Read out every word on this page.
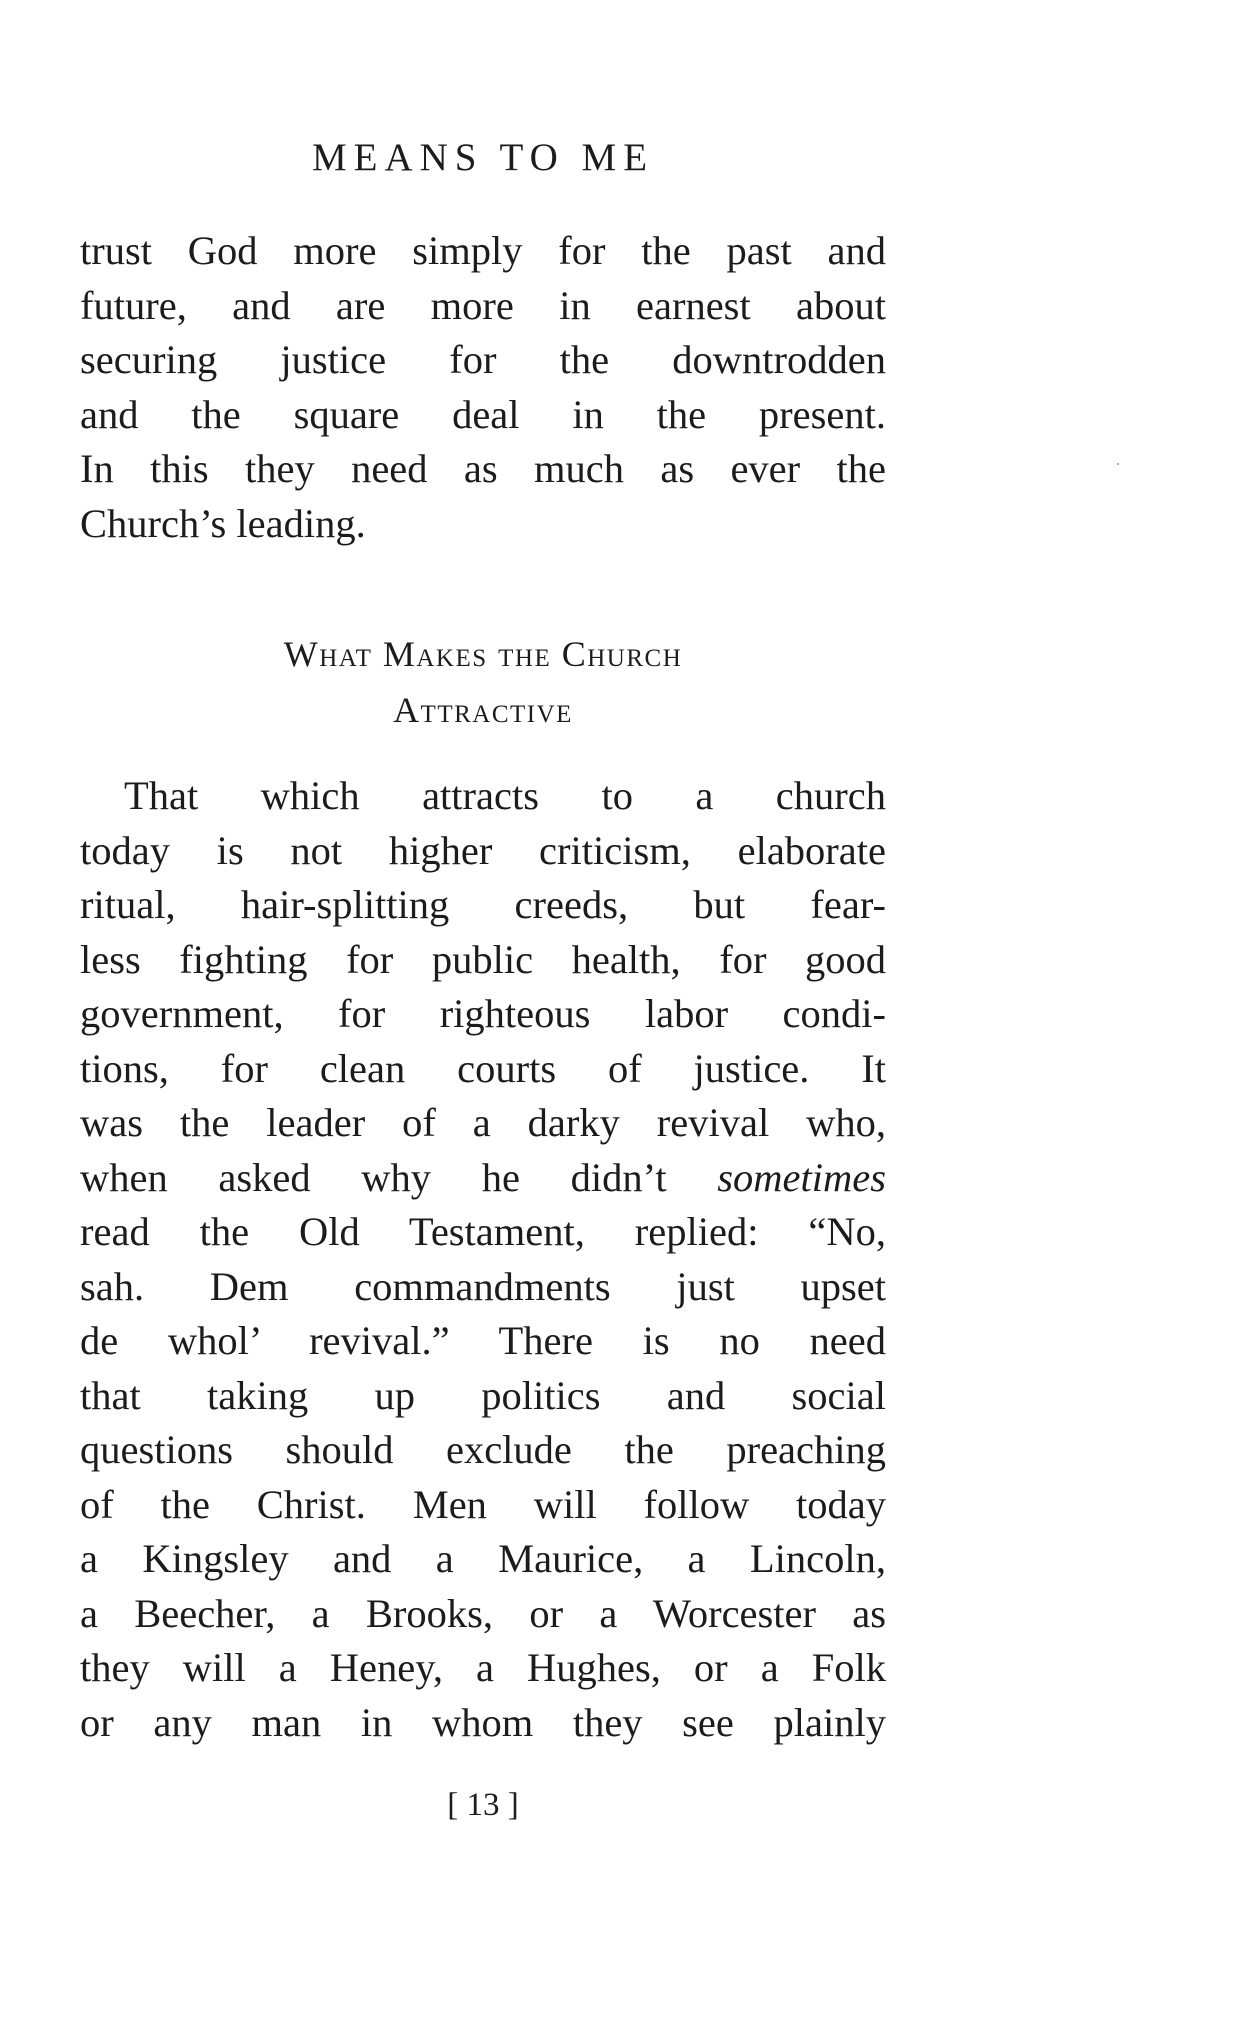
MEANS TO ME

trust God more simply for the past and
future, and are more in earnest about
securing justice for the downtrodden
and the square deal in the present.
In this they need as much as ever the
Church’s leading.

What Makes the Church
Attractive

That which attracts to a church
today is not higher criticism, elaborate
ritual, hair-splitting creeds, but fear-
less fighting for public health, for good
government, for righteous labor condi-
tions, for clean courts of justice. It
was the leader of a darky revival who,
when asked why he didn’t sometimes
read the Old Testament, replied: “No,
sah. Dem commandments just upset
de whol’ revival.” There is no need
that taking up politics and social
questions should exclude the preaching
of the Christ. Men will follow today
a Kingsley and a Maurice, a Lincoln,
a Beecher, a Brooks, or a Worcester as
they will a Heney, a Hughes, or a Folk
or any man in whom they see plainly

[ 13 ]
